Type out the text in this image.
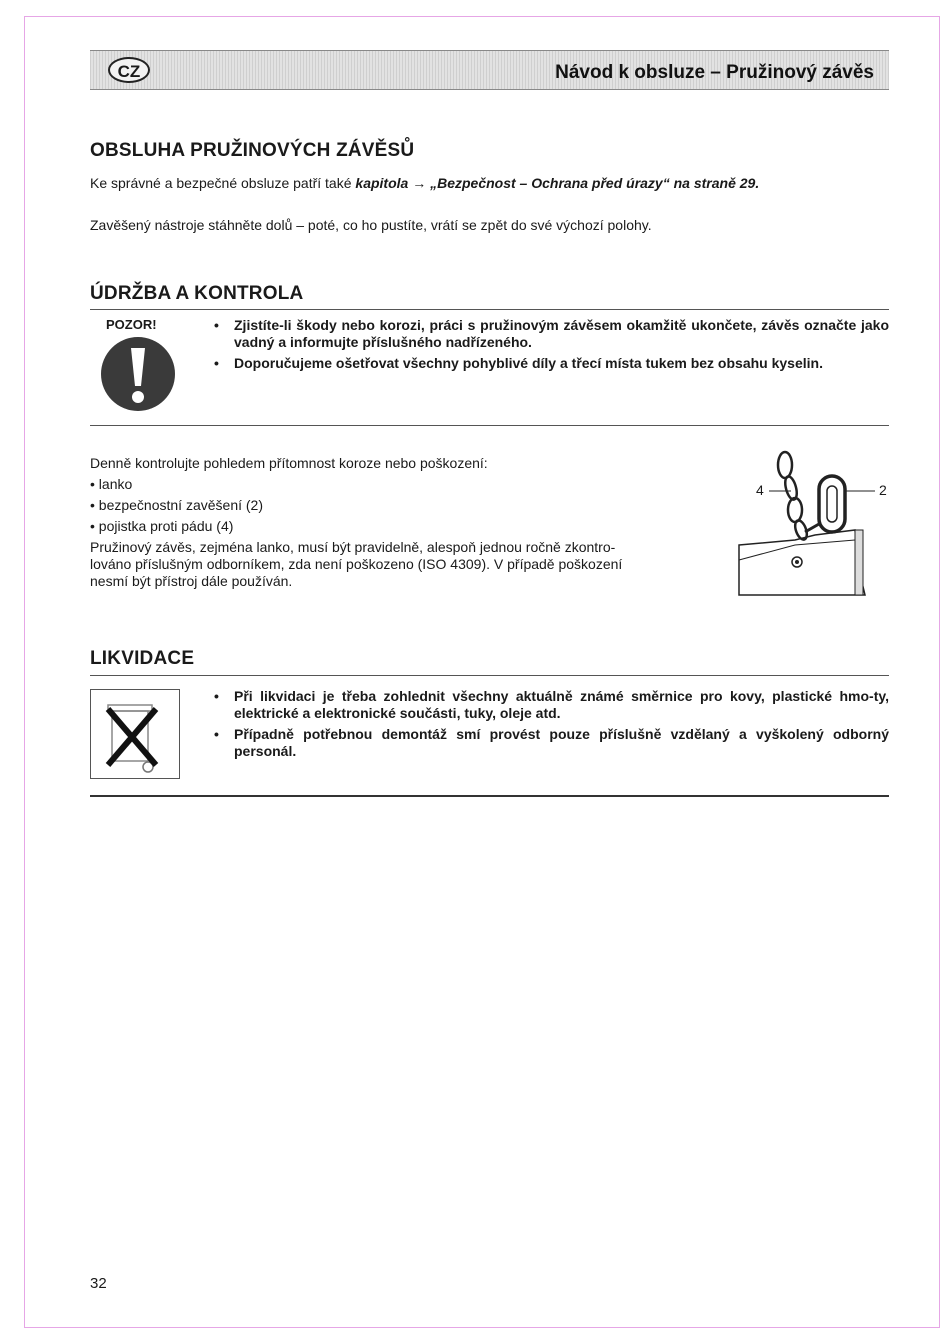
CZ	Návod k obsluze – Pružinový závěs
OBSLUHA PRUŽINOVÝCH ZÁVĚSŮ

Ke správné a bezpečné obsluze patří také kapitola → „Bezpečnost – Ochrana před úrazy“ na straně 29.

Zavěšený nástroje stáhněte dolů – poté, co ho pustíte, vrátí se zpět do své výchozí polohy.

ÚDRŽBA A KONTROLA
POZOR!
•	Zjistíte-li škody nebo korozi, práci s pružinovým závěsem okamžitě ukončete, závěs označte jako vadný a informujte příslušného nadřízeného.
• Doporučujeme ošetřovat všechny pohyblivé díly a třecí místa tukem bez obsahu kyselin.
Denně kontrolujte pohledem přítomnost koroze nebo poškození:
• lanko
• bezpečnostní zavěšení (2)
• pojistka proti pádu (4)
Pružinový závěs, zejména lanko, musí být pravidelně, alespoň jednou ročně zkontro-
lováno příslušným odborníkem, zda není poškozeno (ISO 4309). V případě poškození
nesmí být přístroj dále používán.
4	2
LIKVIDACE
• Při likvidaci je třeba zohlednit všechny aktuálně známé směrnice pro kovy, plastické hmo-ty, elektrické a elektronické součásti, tuky, oleje atd.
• Případně potřebnou demontáž smí provést pouze příslušně vzdělaný a vyškolený odborný personál.
32
